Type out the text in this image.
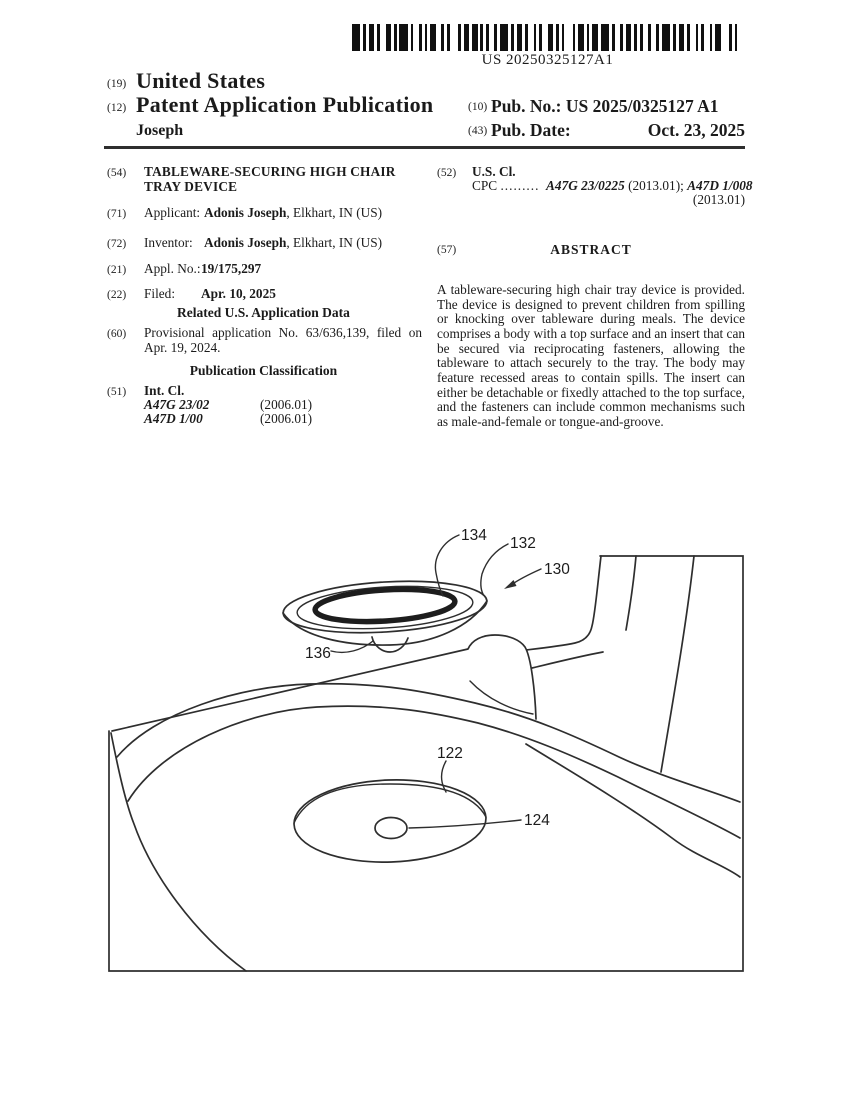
US 20250325127A1
(19) United States
(12) Patent Application Publication
Joseph
(10) Pub. No.: US 2025/0325127 A1
(43) Pub. Date:	Oct. 23, 2025
(54) TABLEWARE-SECURING HIGH CHAIR
TRAY DEVICE
(71) Applicant: Adonis Joseph, Elkhart, IN (US)
(72) Inventor: Adonis Joseph, Elkhart, IN (US)
(21) Appl. No.:19/175,297
(22) Filed: Apr. 10, 2025
Related U.S. Application Data
(60) Provisional application No. 63/636,139, filed on Apr. 19, 2024.
Publication Classification
(51) Int. Cl.
A47G 23/02	(2006.01)
A47D 1/00	(2006.01)
(52) U.S. Cl.
CPC ......... A47G 23/0225 (2013.01); A47D 1/008
(2013.01)
(57)	ABSTRACT
A tableware-securing high chair tray device is provided. The device is designed to prevent children from spilling or knocking over tableware during meals. The device comprises a body with a top surface and an insert that can be secured via reciprocating fasteners, allowing the tableware to attach securely to the tray. The body may feature recessed areas to contain spills. The insert can either be detachable or fixedly attached to the top surface, and the fasteners can include common mechanisms such as male-and-female or tongue-and-groove.
134 132
130
136
122
124
